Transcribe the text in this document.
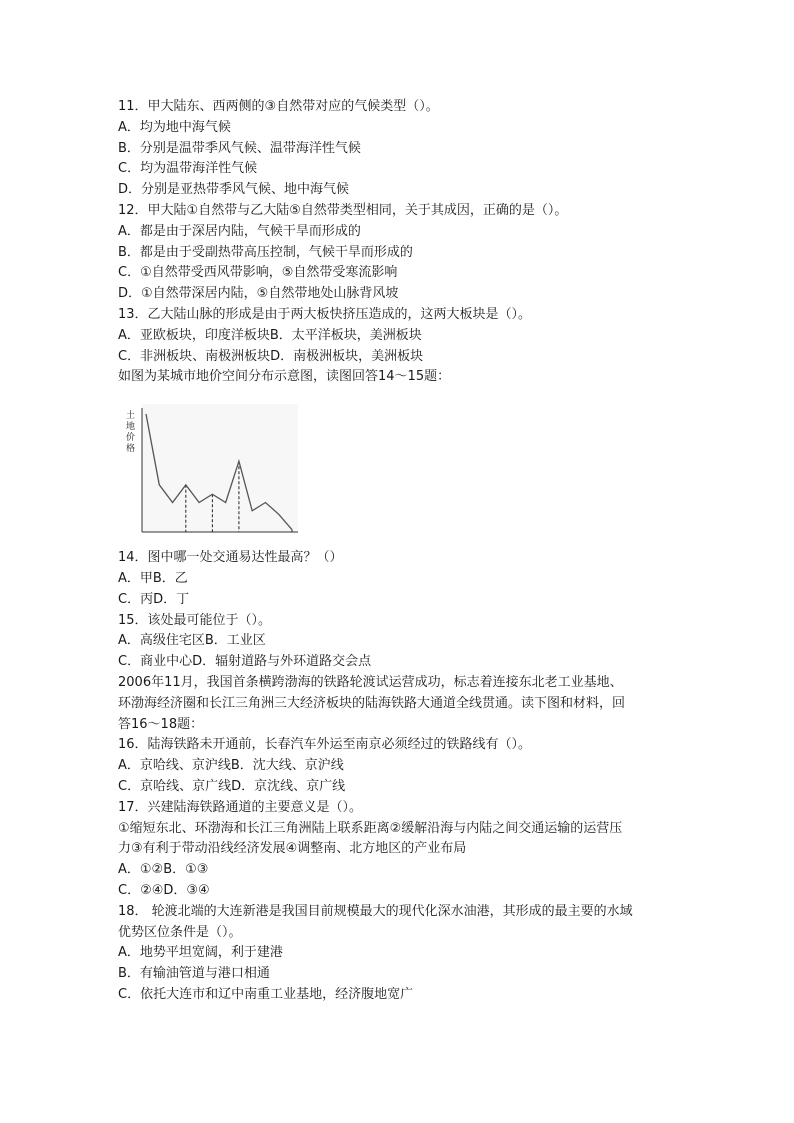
11．甲大陆东、西两侧的③自然带对应的气候类型（）。
A．均为地中海气候
B．分别是温带季风气候、温带海洋性气候
C．均为温带海洋性气候
D．分别是亚热带季风气候、地中海气候
12．甲大陆①自然带与乙大陆⑤自然带类型相同，关于其成因，正确的是（）。
A．都是由于深居内陆，气候干旱而形成的
B．都是由于受副热带高压控制，气候干旱而形成的
C．①自然带受西风带影响，⑤自然带受寒流影响
D．①自然带深居内陆，⑤自然带地处山脉背风坡
13．乙大陆山脉的形成是由于两大板快挤压造成的，这两大板块是（）。
A．亚欧板块，印度洋板块B．太平洋板块，美洲板块
C．非洲板块、南极洲板块D．南极洲板块，美洲板块
如图为某城市地价空间分布示意图，读图回答14～15题：
土地价格
14．图中哪一处交通易达性最高？（）
A．甲B．乙
C．丙D．丁
15．该处最可能位于（）。
A．高级住宅区B．工业区
C．商业中心D．辐射道路与外环道路交会点
2006年11月，我国首条横跨渤海的铁路轮渡试运营成功，标志着连接东北老工业基地、
环渤海经济圈和长江三角洲三大经济板块的陆海铁路大通道全线贯通。读下图和材料，回
答16～18题：
16．陆海铁路未开通前，长春汽车外运至南京必须经过的铁路线有（）。
A．京哈线、京沪线B．沈大线、京沪线
C．京哈线、京广线D．京沈线、京广线
17．兴建陆海铁路通道的主要意义是（）。
①缩短东北、环渤海和长江三角洲陆上联系距离②缓解沿海与内陆之间交通运输的运营压
力③有利于带动沿线经济发展④调整南、北方地区的产业布局
A．①②B．①③
C．②④D．③④
18． 轮渡北端的大连新港是我国目前规模最大的现代化深水油港，其形成的最主要的水域
优势区位条件是（）。
A．地势平坦宽阔，利于建港
B．有输油管道与港口相通
C．依托大连市和辽中南重工业基地，经济腹地宽广
